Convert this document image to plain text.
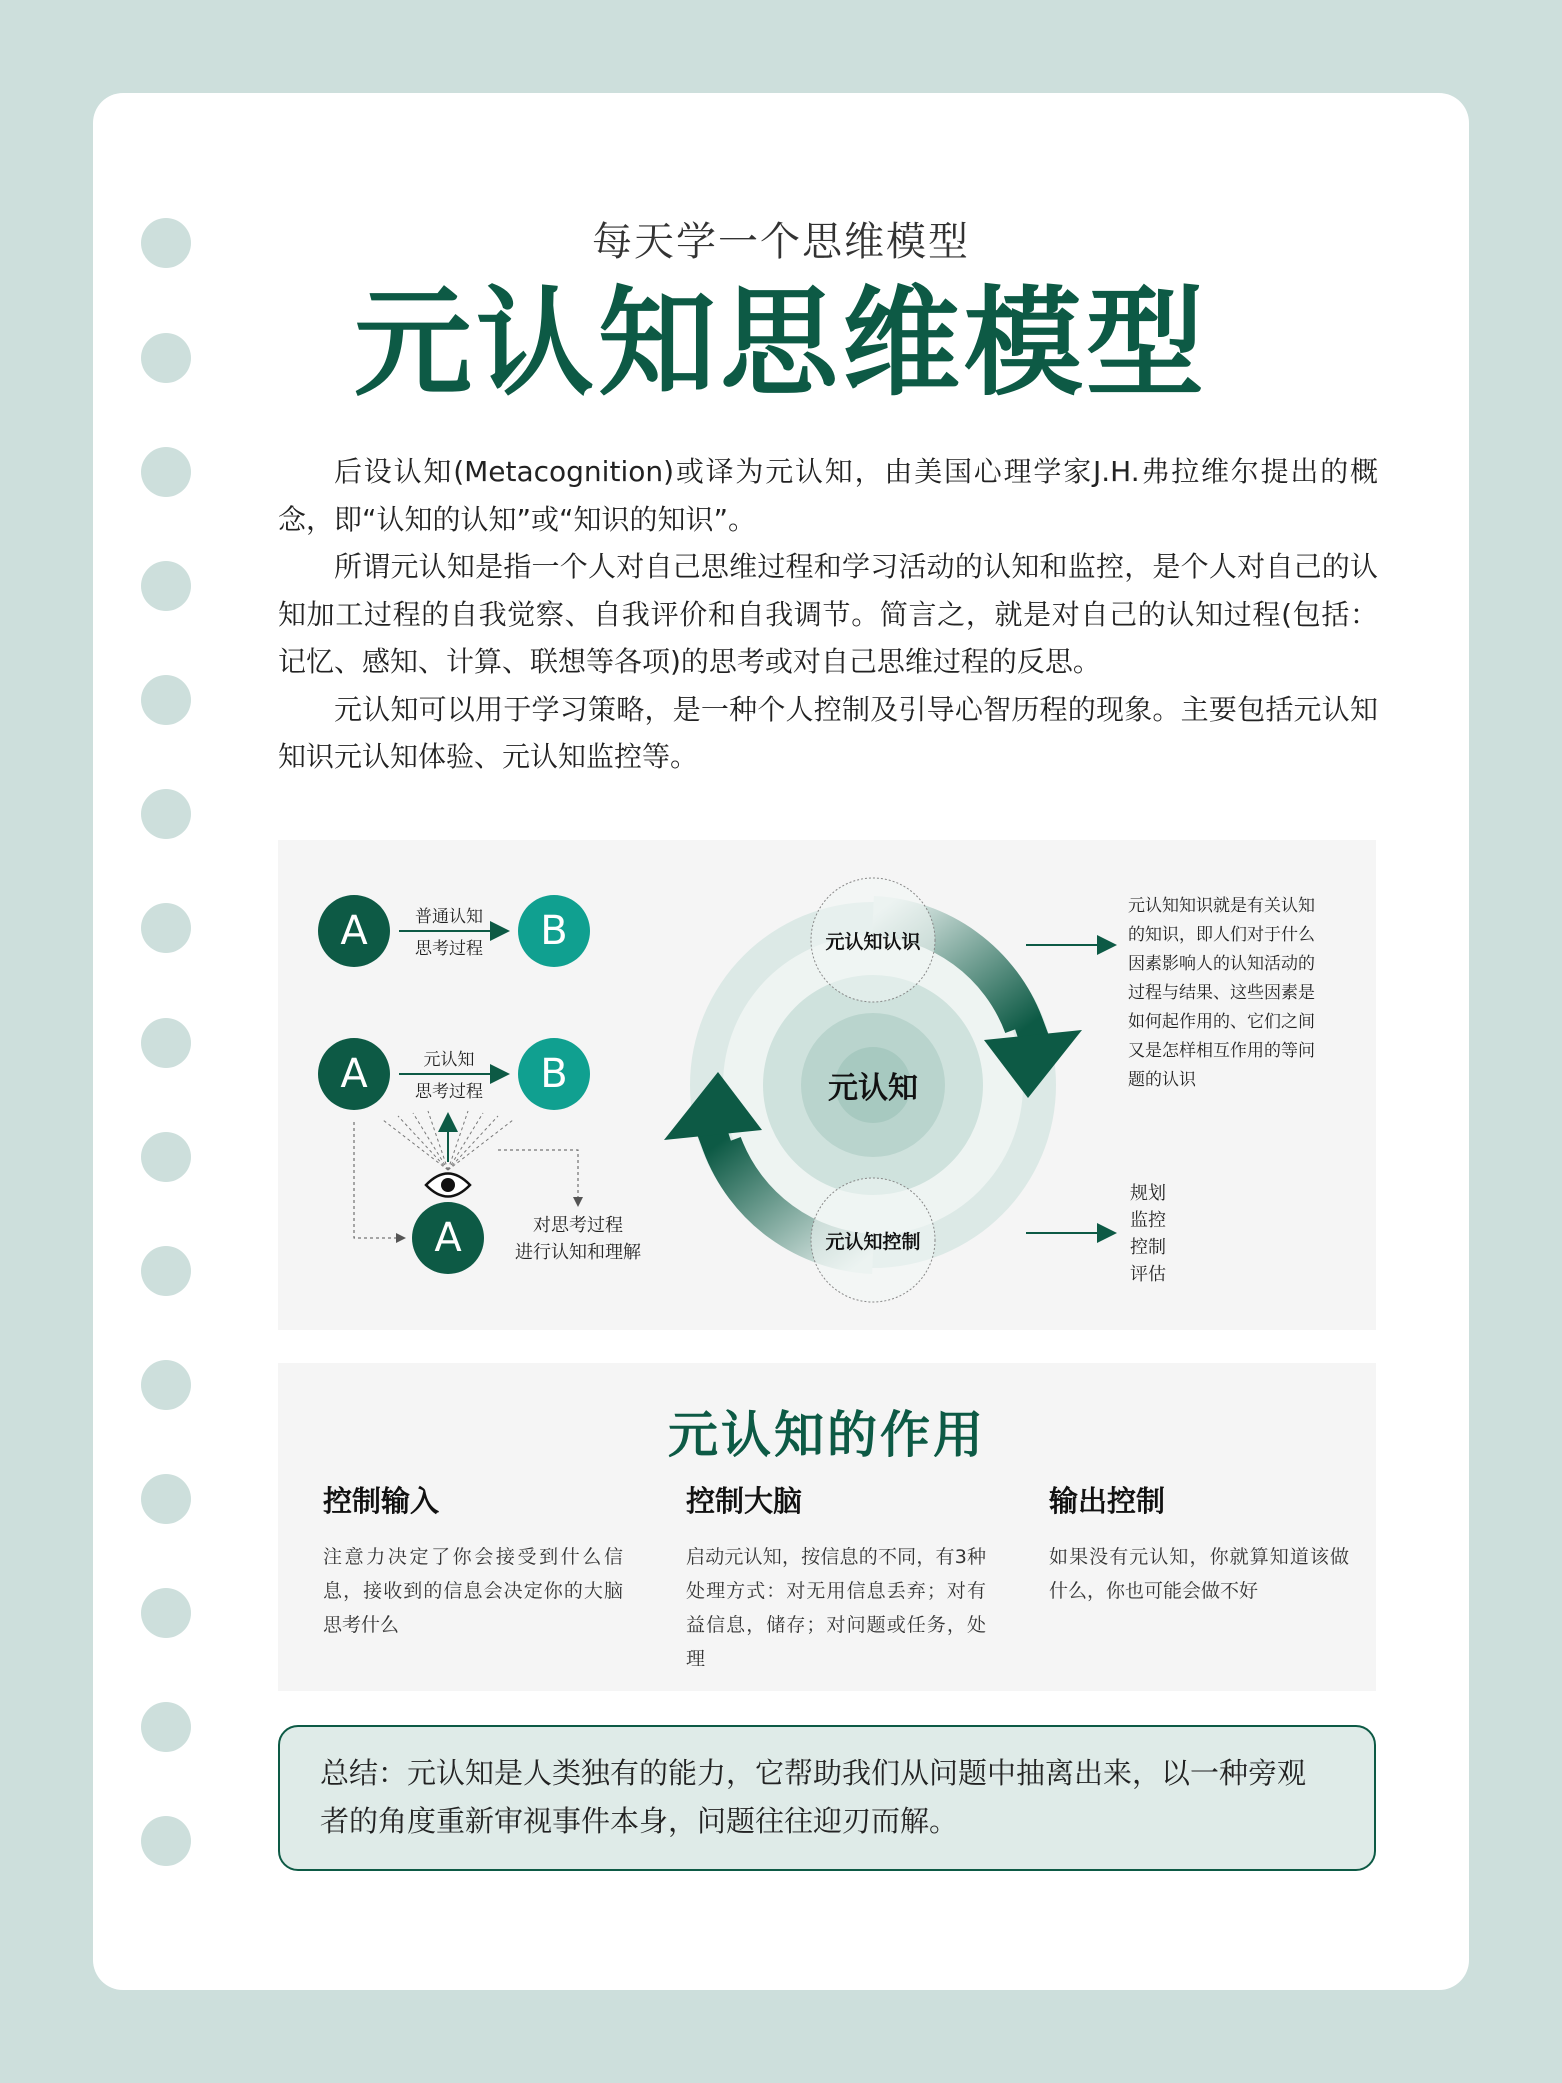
每天学一个思维模型
元认知思维模型

后设认知(Metacognition)或译为元认知，由美国心理学家J.H.弗拉维尔提出的概念，即“认知的认知”或“知识的知识”。

所谓元认知是指一个人对自己思维过程和学习活动的认知和监控，是个人对自己的认知加工过程的自我觉察、自我评价和自我调节。简言之，就是对自己的认知过程(包括：记忆、感知、计算、联想等各项)的思考或对自己思维过程的反思。

元认知可以用于学习策略，是一种个人控制及引导心智历程的现象。主要包括元认知知识元认知体验、元认知监控等。

A	普通认知
思考过程 B
A	元认知
思考过程 B
A	对思考过程
进行认知和理解
元认知认识
元认知控制
元认知
元认知知识就是有关认知
的知识，即人们对于什么
因素影响人的认知活动的
过程与结果、这些因素是
如何起作用的、它们之间
又是怎样相互作用的等问
题的认识
规划
监控
控制
评估
元认知的作用
控制输入

注意力决定了你会接受到什么信息，接收到的信息会决定你的大脑思考什么

控制大脑

启动元认知，按信息的不同，有3种处理方式：对无用信息丢弃；对有益信息，储存；对问题或任务，处理

输出控制

如果没有元认知，你就算知道该做什么，你也可能会做不好

总结：元认知是人类独有的能力，它帮助我们从问题中抽离出来，以一种旁观者的角度重新审视事件本身，问题往往迎刃而解。
